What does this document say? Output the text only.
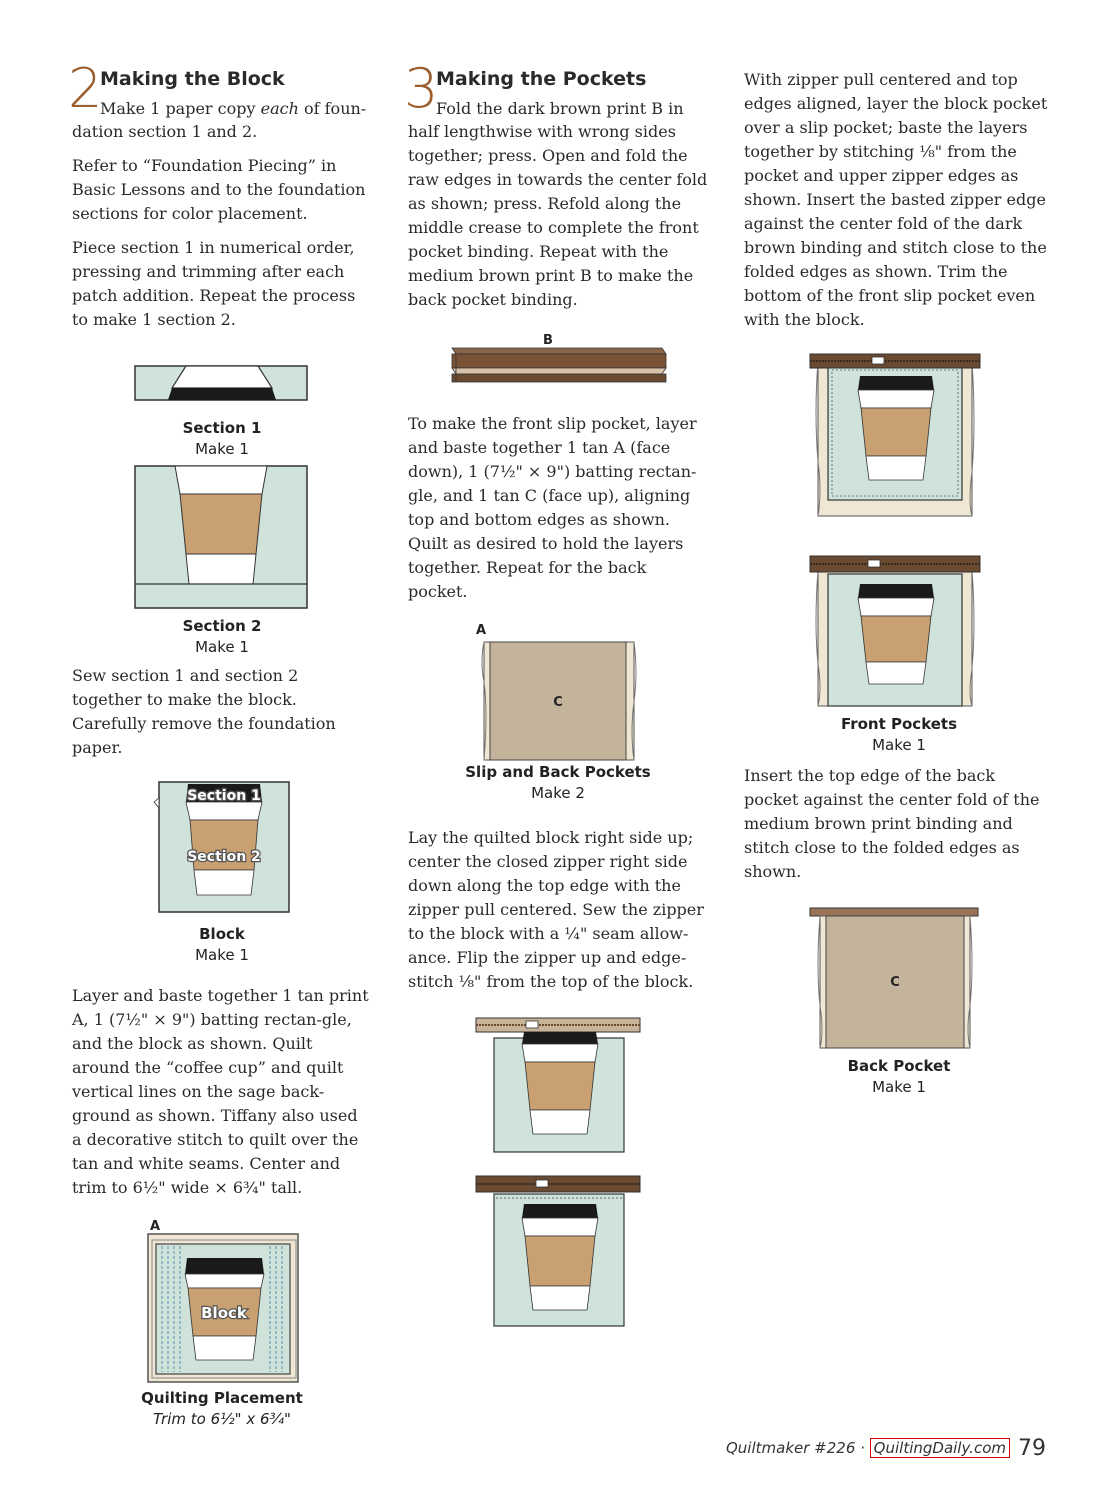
2
Making the Block
Make 1 paper copy each of foun-

dation section 1 and 2.

Refer to “Foundation Piecing” in Basic Lessons and to the foundation sections for color placement.

Piece section 1 in numerical order, pressing and trimming after each patch addition. Repeat the process to make 1 section 2.

Section 1
Make 1
Section 2
Make 1

Sew section 1 and section 2 together to make the block. Carefully remove the foundation paper.

Section 1
Section 2
Block
Make 1

Layer and baste together 1 tan print A, 1 (7½" × 9") batting rectan-gle, and the block as shown. Quilt around the “coffee cup” and quilt vertical lines on the sage back-ground as shown. Tiffany also used a decorative stitch to quilt over the tan and white seams. Center and trim to 6½" wide × 6¾" tall.

A
Block
Quilting Placement
Trim to 6½" x 6¾"
3
Making the Pockets
Fold the dark brown print B in

half lengthwise with wrong sides together; press. Open and fold the raw edges in towards the center fold as shown; press. Refold along the middle crease to complete the front pocket binding. Repeat with the medium brown print B to make the back pocket binding.

B

To make the front slip pocket, layer and baste together 1 tan A (face down), 1 (7½" × 9") batting rectan-gle, and 1 tan C (face up), aligning top and bottom edges as shown. Quilt as desired to hold the layers together. Repeat for the back pocket.

A
C
Slip and Back Pockets
Make 2

Lay the quilted block right side up; center the closed zipper right side down along the top edge with the zipper pull centered. Sew the zipper to the block with a ¼" seam allow-ance. Flip the zipper up and edge-stitch ⅛" from the top of the block.

With zipper pull centered and top edges aligned, layer the block pocket over a slip pocket; baste the layers together by stitching ⅛" from the pocket and upper zipper edges as shown. Insert the basted zipper edge against the center fold of the dark brown binding and stitch close to the folded edges as shown. Trim the bottom of the front slip pocket even with the block.

Front Pockets
Make 1

Insert the top edge of the back pocket against the center fold of the medium brown print binding and stitch close to the folded edges as shown.

C
Back Pocket
Make 1
Quiltmaker #226 · QuiltingDaily.com 79
